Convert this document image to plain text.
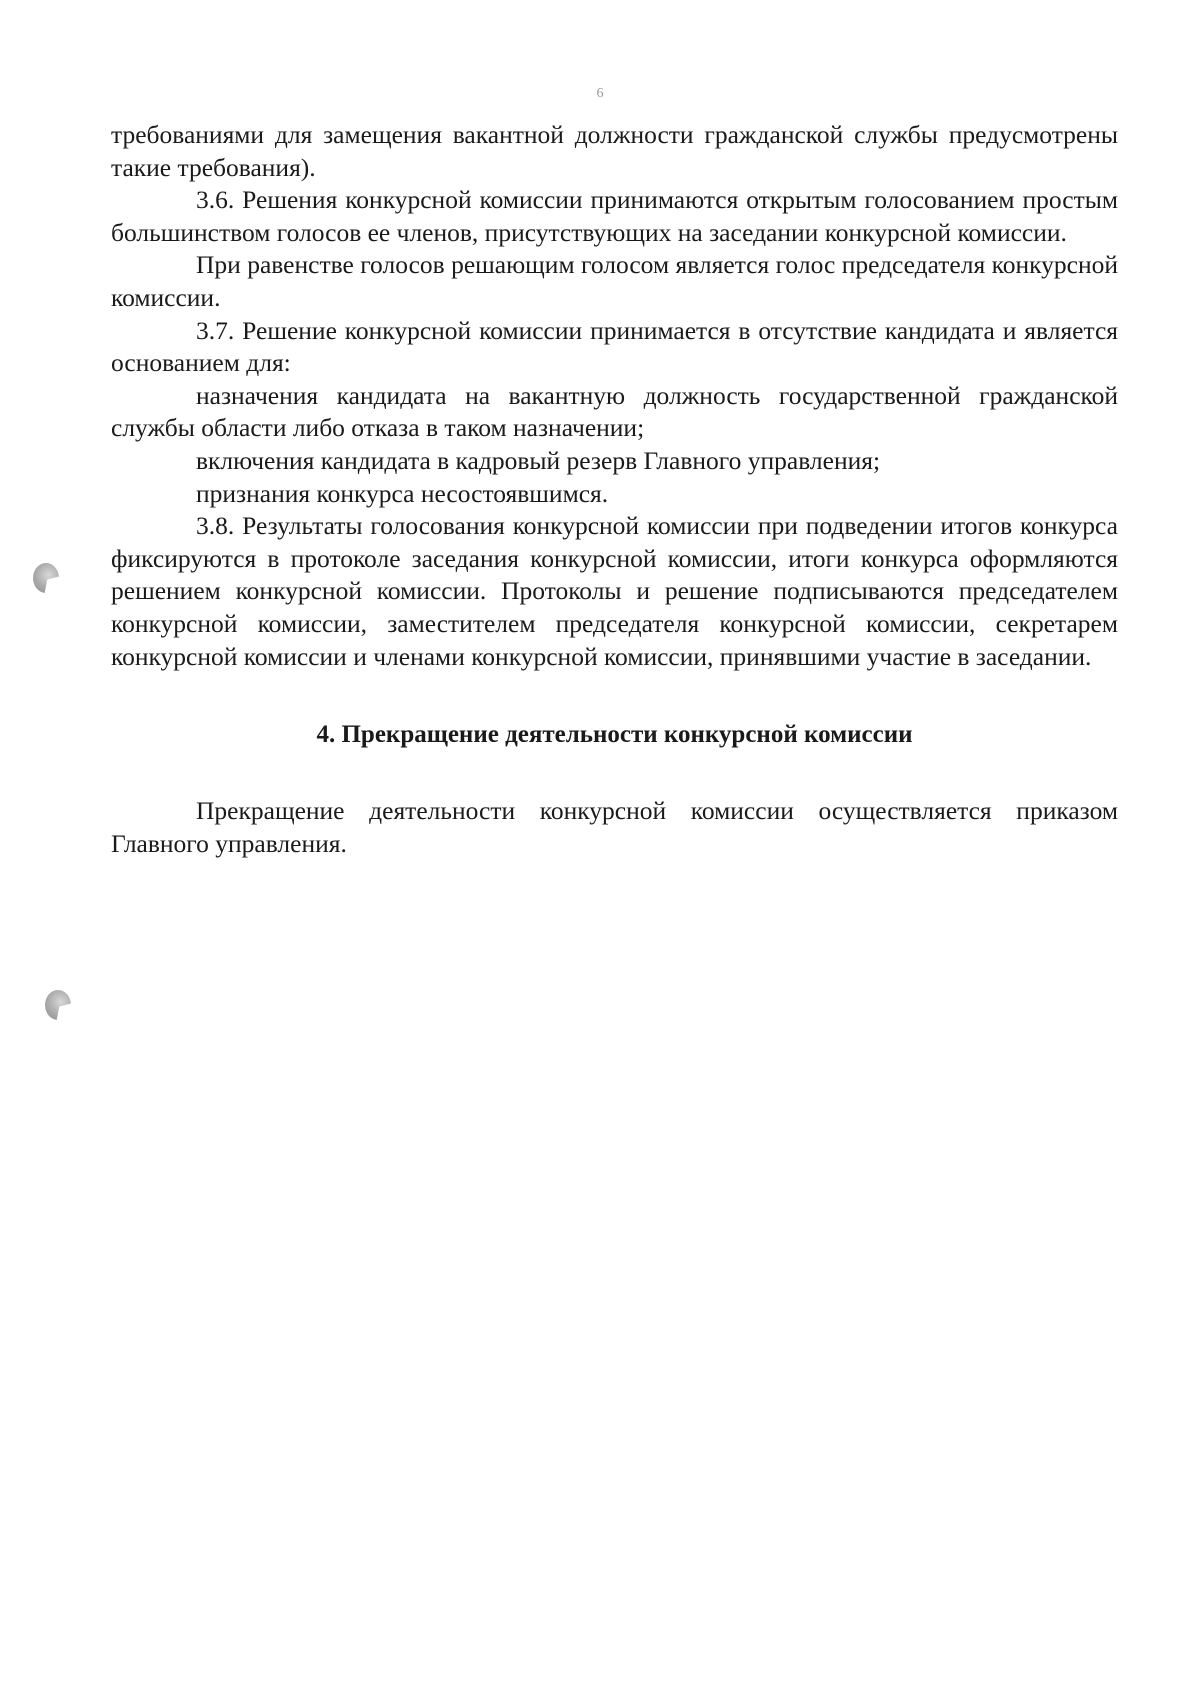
6

требованиями для замещения вакантной должности гражданской службы предусмотрены такие требования).

3.6. Решения конкурсной комиссии принимаются открытым голосованием простым большинством голосов ее членов, присутствующих на заседании конкурсной комиссии.

При равенстве голосов решающим голосом является голос председателя конкурсной комиссии.

3.7. Решение конкурсной комиссии принимается в отсутствие кандидата и является основанием для:

назначения кандидата на вакантную должность государственной гражданской службы области либо отказа в таком назначении;

включения кандидата в кадровый резерв Главного управления;

признания конкурса несостоявшимся.

3.8. Результаты голосования конкурсной комиссии при подведении итогов конкурса фиксируются в протоколе заседания конкурсной комиссии, итоги конкурса оформляются решением конкурсной комиссии. Протоколы и решение подписываются председателем конкурсной комиссии, заместителем председателя конкурсной комиссии, секретарем конкурсной комиссии и членами конкурсной комиссии, принявшими участие в заседании.

4. Прекращение деятельности конкурсной комиссии

Прекращение деятельности конкурсной комиссии осуществляется приказом Главного управления.
